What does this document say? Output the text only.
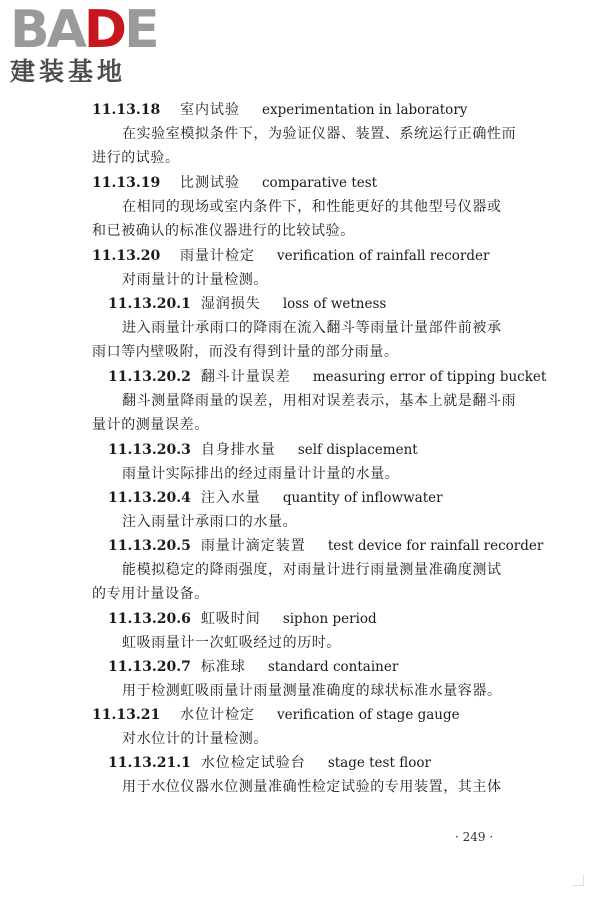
BADE
建装基地
11.13.18 室内试验 experimentation in laboratory
在实验室模拟条件下，为验证仪器、装置、系统运行正确性而
进行的试验。
11.13.19 比测试验 comparative test
在相同的现场或室内条件下，和性能更好的其他型号仪器或
和已被确认的标准仪器进行的比较试验。
11.13.20 雨量计检定 verification of rainfall recorder
对雨量计的计量检测。
11.13.20.1 湿润损失 loss of wetness
进入雨量计承雨口的降雨在流入翻斗等雨量计量部件前被承
雨口等内壁吸附，而没有得到计量的部分雨量。
11.13.20.2 翻斗计量误差 measuring error of tipping bucket
翻斗测量降雨量的误差，用相对误差表示，基本上就是翻斗雨
量计的测量误差。
11.13.20.3 自身排水量 self displacement
雨量计实际排出的经过雨量计计量的水量。
11.13.20.4 注入水量 quantity of inflowwater
注入雨量计承雨口的水量。
11.13.20.5 雨量计滴定装置 test device for rainfall recorder
能模拟稳定的降雨强度，对雨量计进行雨量测量准确度测试
的专用计量设备。
11.13.20.6 虹吸时间 siphon period
虹吸雨量计一次虹吸经过的历时。
11.13.20.7 标准球 standard container
用于检测虹吸雨量计雨量测量准确度的球状标准水量容器。
11.13.21 水位计检定 verification of stage gauge
对水位计的计量检测。
11.13.21.1 水位检定试验台 stage test floor
用于水位仪器水位测量准确性检定试验的专用装置，其主体
· 249 ·
